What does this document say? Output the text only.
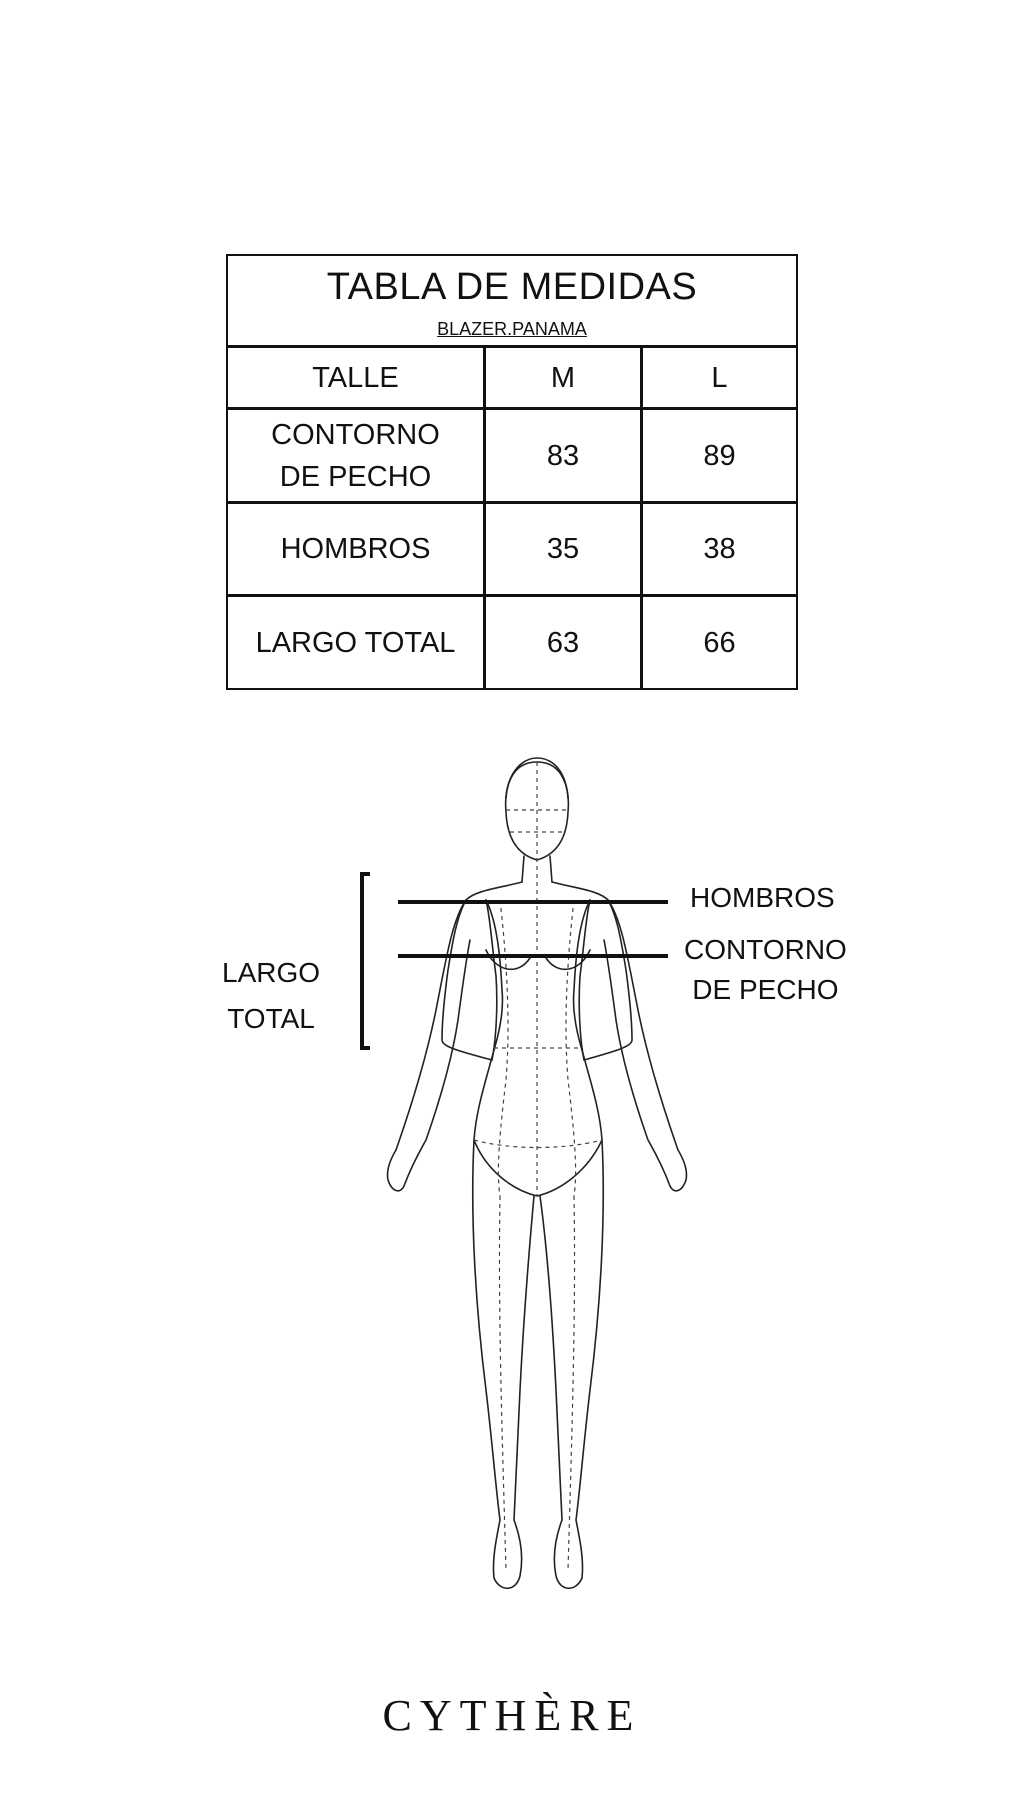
TABLA DE MEDIDAS
BLAZER.PANAMA
TALLE	M	L
CONTORNO
DE PECHO
83	89
HOMBROS	35	38
LARGO TOTAL	63	66
HOMBROS
CONTORNO
DE PECHO
LARGO
TOTAL
CYTHÈRE
